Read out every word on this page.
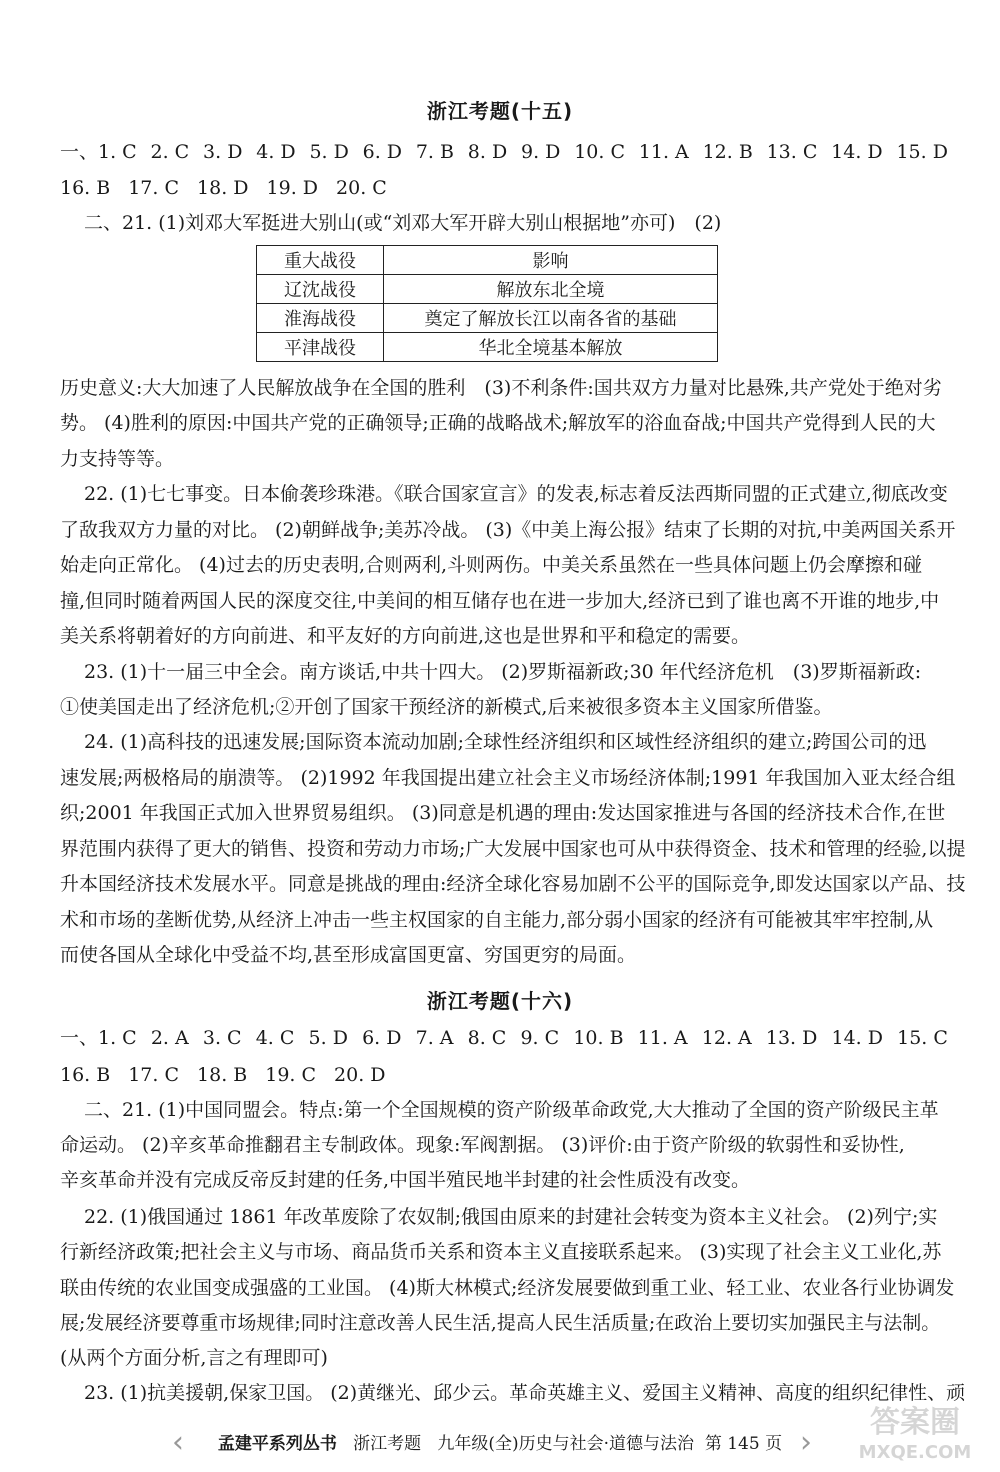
浙江考题(十五)
一、1. C 2. C 3. D 4. D 5. D 6. D 7. B 8. D 9. D 10. C 11. A 12. B 13. C 14. D 15. D
16. B 17. C 18. D 19. D 20. C
二、21. (1)刘邓大军挺进大别山(或“刘邓大军开辟大别山根据地”亦可)　(2)
重大战役	影响
辽沈战役	解放东北全境
淮海战役	奠定了解放长江以南各省的基础
平津战役	华北全境基本解放
历史意义:大大加速了人民解放战争在全国的胜利　(3)不利条件:国共双方力量对比悬殊,共产党处于绝对劣
势。 (4)胜利的原因:中国共产党的正确领导;正确的战略战术;解放军的浴血奋战;中国共产党得到人民的大
力支持等等。
22. (1)七七事变。日本偷袭珍珠港。《联合国家宣言》的发表,标志着反法西斯同盟的正式建立,彻底改变
了敌我双方力量的对比。 (2)朝鲜战争;美苏冷战。 (3)《中美上海公报》结束了长期的对抗,中美两国关系开
始走向正常化。 (4)过去的历史表明,合则两利,斗则两伤。中美关系虽然在一些具体问题上仍会摩擦和碰
撞,但同时随着两国人民的深度交往,中美间的相互储存也在进一步加大,经济已到了谁也离不开谁的地步,中
美关系将朝着好的方向前进、和平友好的方向前进,这也是世界和平和稳定的需要。
23. (1)十一届三中全会。南方谈话,中共十四大。 (2)罗斯福新政;30 年代经济危机　(3)罗斯福新政:
①使美国走出了经济危机;②开创了国家干预经济的新模式,后来被很多资本主义国家所借鉴。
24. (1)高科技的迅速发展;国际资本流动加剧;全球性经济组织和区域性经济组织的建立;跨国公司的迅
速发展;两极格局的崩溃等。 (2)1992 年我国提出建立社会主义市场经济体制;1991 年我国加入亚太经合组
织;2001 年我国正式加入世界贸易组织。 (3)同意是机遇的理由:发达国家推进与各国的经济技术合作,在世
界范围内获得了更大的销售、投资和劳动力市场;广大发展中国家也可从中获得资金、技术和管理的经验,以提
升本国经济技术发展水平。同意是挑战的理由:经济全球化容易加剧不公平的国际竞争,即发达国家以产品、技
术和市场的垄断优势,从经济上冲击一些主权国家的自主能力,部分弱小国家的经济有可能被其牢牢控制,从
而使各国从全球化中受益不均,甚至形成富国更富、穷国更穷的局面。
浙江考题(十六)
一、1. C 2. A 3. C 4. C 5. D 6. D 7. A 8. C 9. C 10. B 11. A 12. A 13. D 14. D 15. C
16. B 17. C 18. B 19. C 20. D
二、21. (1)中国同盟会。特点:第一个全国规模的资产阶级革命政党,大大推动了全国的资产阶级民主革
命运动。 (2)辛亥革命推翻君主专制政体。现象:军阀割据。 (3)评价:由于资产阶级的软弱性和妥协性,
辛亥革命并没有完成反帝反封建的任务,中国半殖民地半封建的社会性质没有改变。
22. (1)俄国通过 1861 年改革废除了农奴制;俄国由原来的封建社会转变为资本主义社会。 (2)列宁;实
行新经济政策;把社会主义与市场、商品货币关系和资本主义直接联系起来。 (3)实现了社会主义工业化,苏
联由传统的农业国变成强盛的工业国。 (4)斯大林模式;经济发展要做到重工业、轻工业、农业各行业协调发
展;发展经济要尊重市场规律;同时注意改善人民生活,提高人民生活质量;在政治上要切实加强民主与法制。
(从两个方面分析,言之有理即可)
23. (1)抗美援朝,保家卫国。 (2)黄继光、邱少云。革命英雄主义、爱国主义精神、高度的组织纪律性、顽
‹	孟建平系列丛书 浙江考题 九年级(全)历史与社会·道德与法治 第 145 页 ›
答案圈
MXQE.COM
